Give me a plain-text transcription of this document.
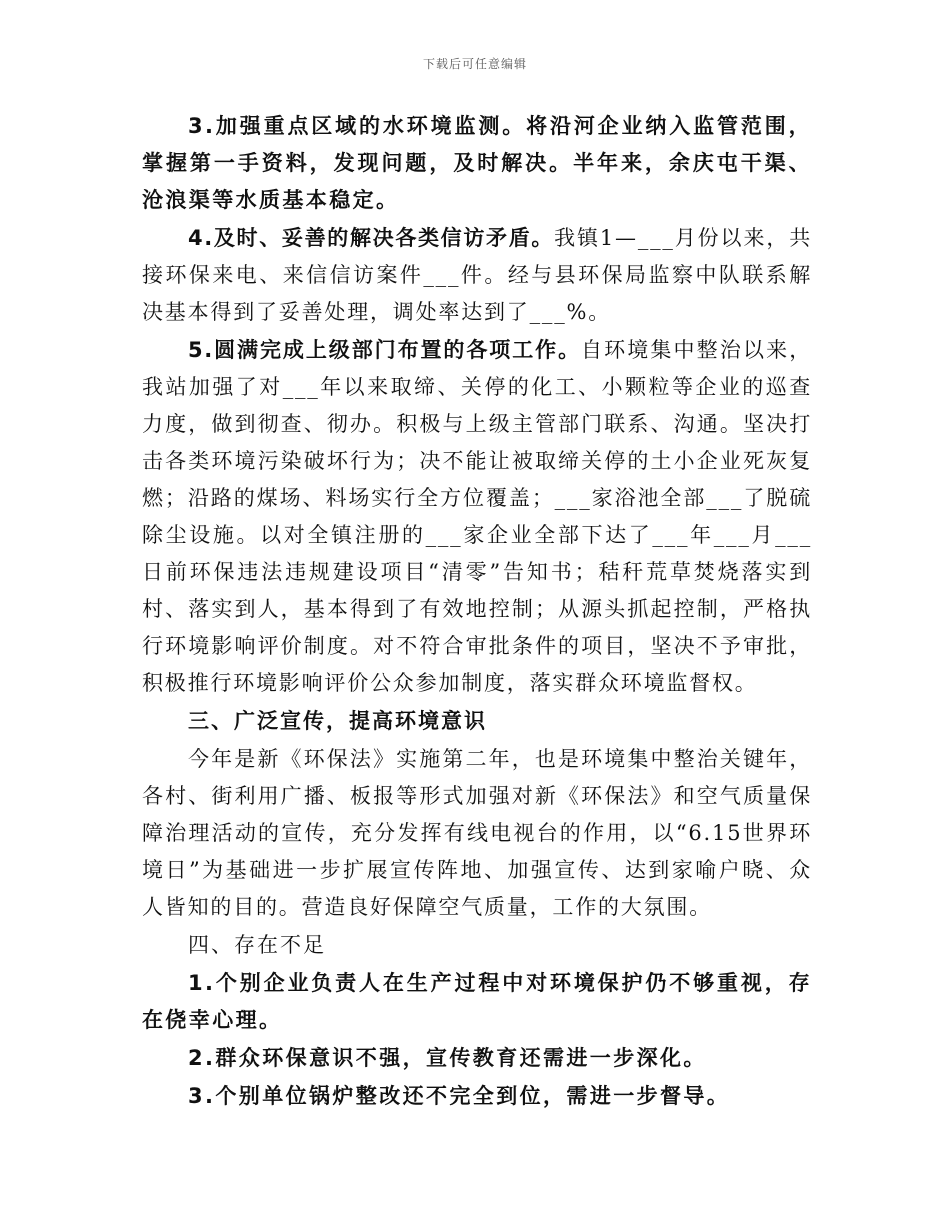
下载后可任意编辑

3.加强重点区域的水环境监测。将沿河企业纳入监管范围，掌握第一手资料，发现问题，及时解决。半年来，余庆屯干渠、沧浪渠等水质基本稳定。

4.及时、妥善的解决各类信访矛盾。我镇1—___月份以来，共接环保来电、来信信访案件___件。经与县环保局监察中队联系解决基本得到了妥善处理，调处率达到了___%。

5.圆满完成上级部门布置的各项工作。自环境集中整治以来，我站加强了对___年以来取缔、关停的化工、小颗粒等企业的巡查力度，做到彻查、彻办。积极与上级主管部门联系、沟通。坚决打击各类环境污染破坏行为；决不能让被取缔关停的土小企业死灰复燃；沿路的煤场、料场实行全方位覆盖；___家浴池全部___了脱硫除尘设施。以对全镇注册的___家企业全部下达了___年___月___日前环保违法违规建设项目“清零”告知书；秸秆荒草焚烧落实到村、落实到人，基本得到了有效地控制；从源头抓起控制，严格执行环境影响评价制度。对不符合审批条件的项目，坚决不予审批，积极推行环境影响评价公众参加制度，落实群众环境监督权。

三、广泛宣传，提高环境意识

今年是新《环保法》实施第二年，也是环境集中整治关键年，各村、街利用广播、板报等形式加强对新《环保法》和空气质量保障治理活动的宣传，充分发挥有线电视台的作用，以“6.15世界环境日”为基础进一步扩展宣传阵地、加强宣传、达到家喻户晓、众人皆知的目的。营造良好保障空气质量，工作的大氛围。

四、存在不足

1.个别企业负责人在生产过程中对环境保护仍不够重视，存在侥幸心理。

2.群众环保意识不强，宣传教育还需进一步深化。

3.个别单位锅炉整改还不完全到位，需进一步督导。
